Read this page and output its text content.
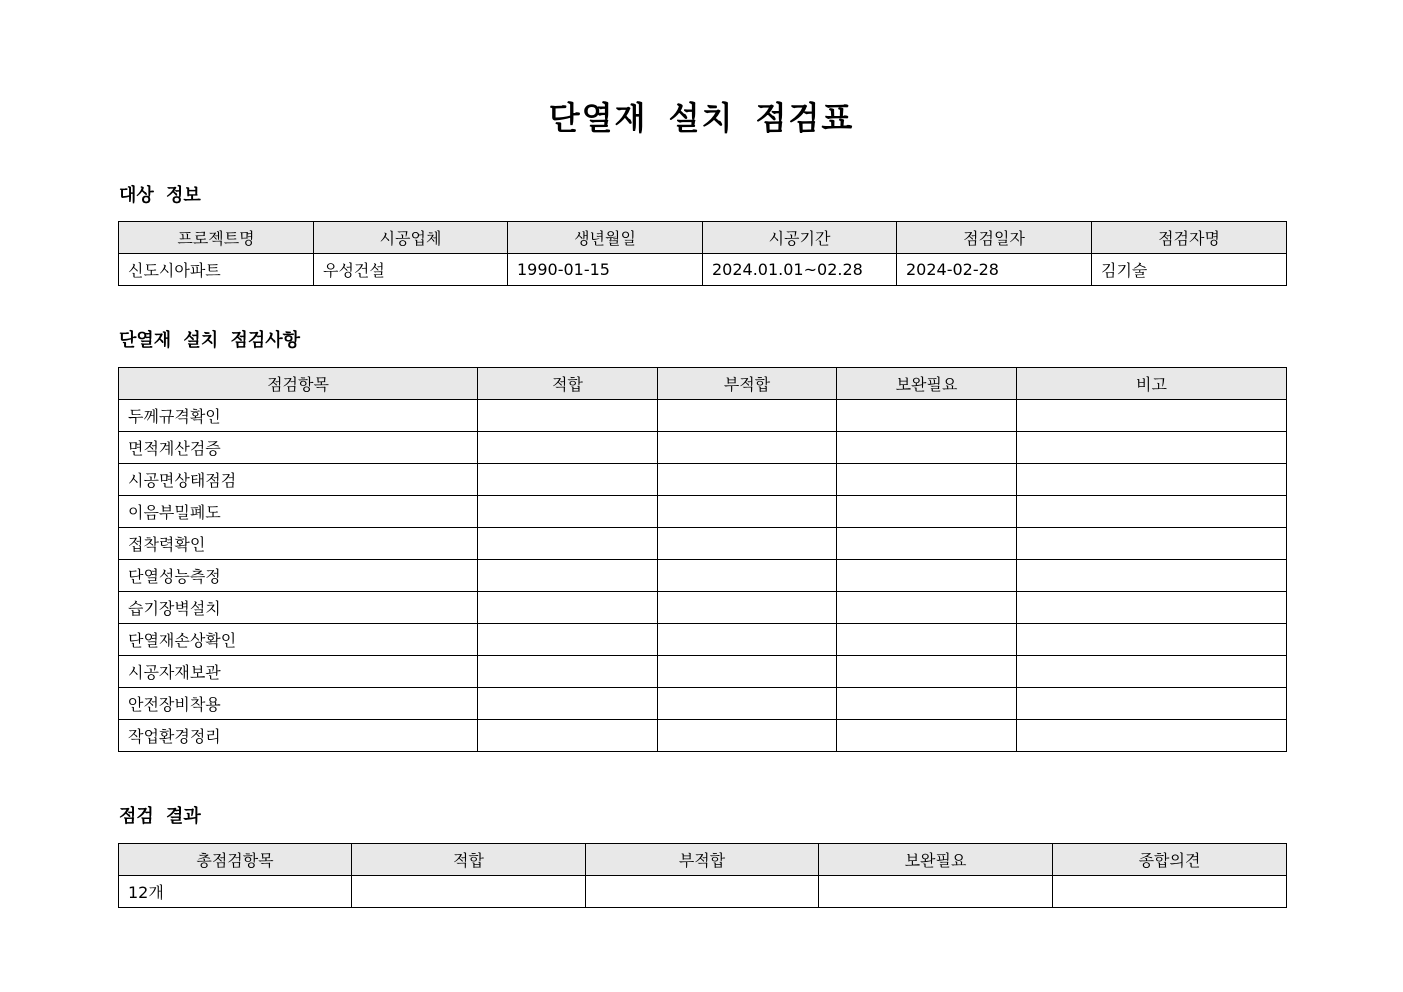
단열재 설치 점검표
대상 정보
프로젝트명	시공업체	생년월일	시공기간	점검일자	점검자명
신도시아파트	우성건설	1990-01-15	2024.01.01~02.28	2024-02-28	김기술
단열재 설치 점검사항
점검항목	적합	부적합	보완필요	비고
두께규격확인				
면적계산검증				
시공면상태점검				
이음부밀폐도				
접착력확인				
단열성능측정				
습기장벽설치				
단열재손상확인				
시공자재보관				
안전장비착용				
작업환경정리				
점검 결과
총점검항목	적합	부적합	보완필요	종합의견
12개				
